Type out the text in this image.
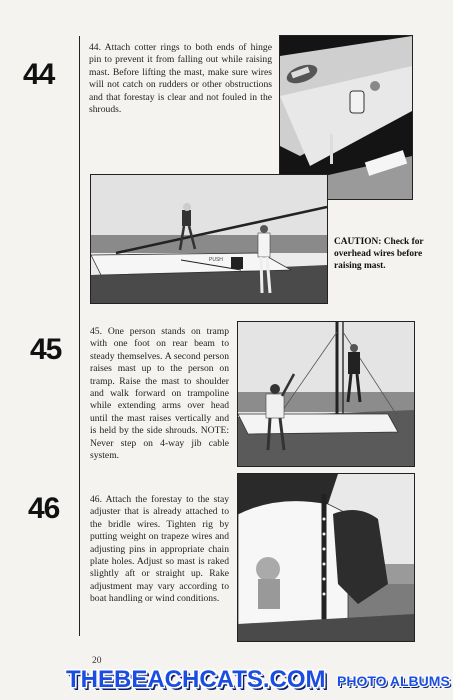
44
44. Attach cotter rings to both ends of hinge pin to prevent it from falling out while raising mast. Before lifting the mast, make sure wires will not catch on rudders or other obstructions and that forestay is clear and not fouled in the shrouds.
PUSH
CAUTION: Check for overhead wires before raising mast.
45
45. One person stands on tramp with one foot on rear beam to steady themselves. A second person raises mast up to the person on tramp. Raise the mast to shoulder and walk forward on trampoline while extending arms over head until the mast raises vertically and is held by the side shrouds. NOTE: Never step on 4-way jib cable system.
46	46. Attach the forestay to the stay adjuster that is already attached to the bridle wires. Tighten rig by putting weight on trapeze wires and adjusting pins in appropriate chain plate holes. Adjust so mast is raked slightly aft or straight up. Rake adjustment may vary according to boat handling or wind conditions.
20
THEBEACHCATS.COM PHOTO ALBUMS
